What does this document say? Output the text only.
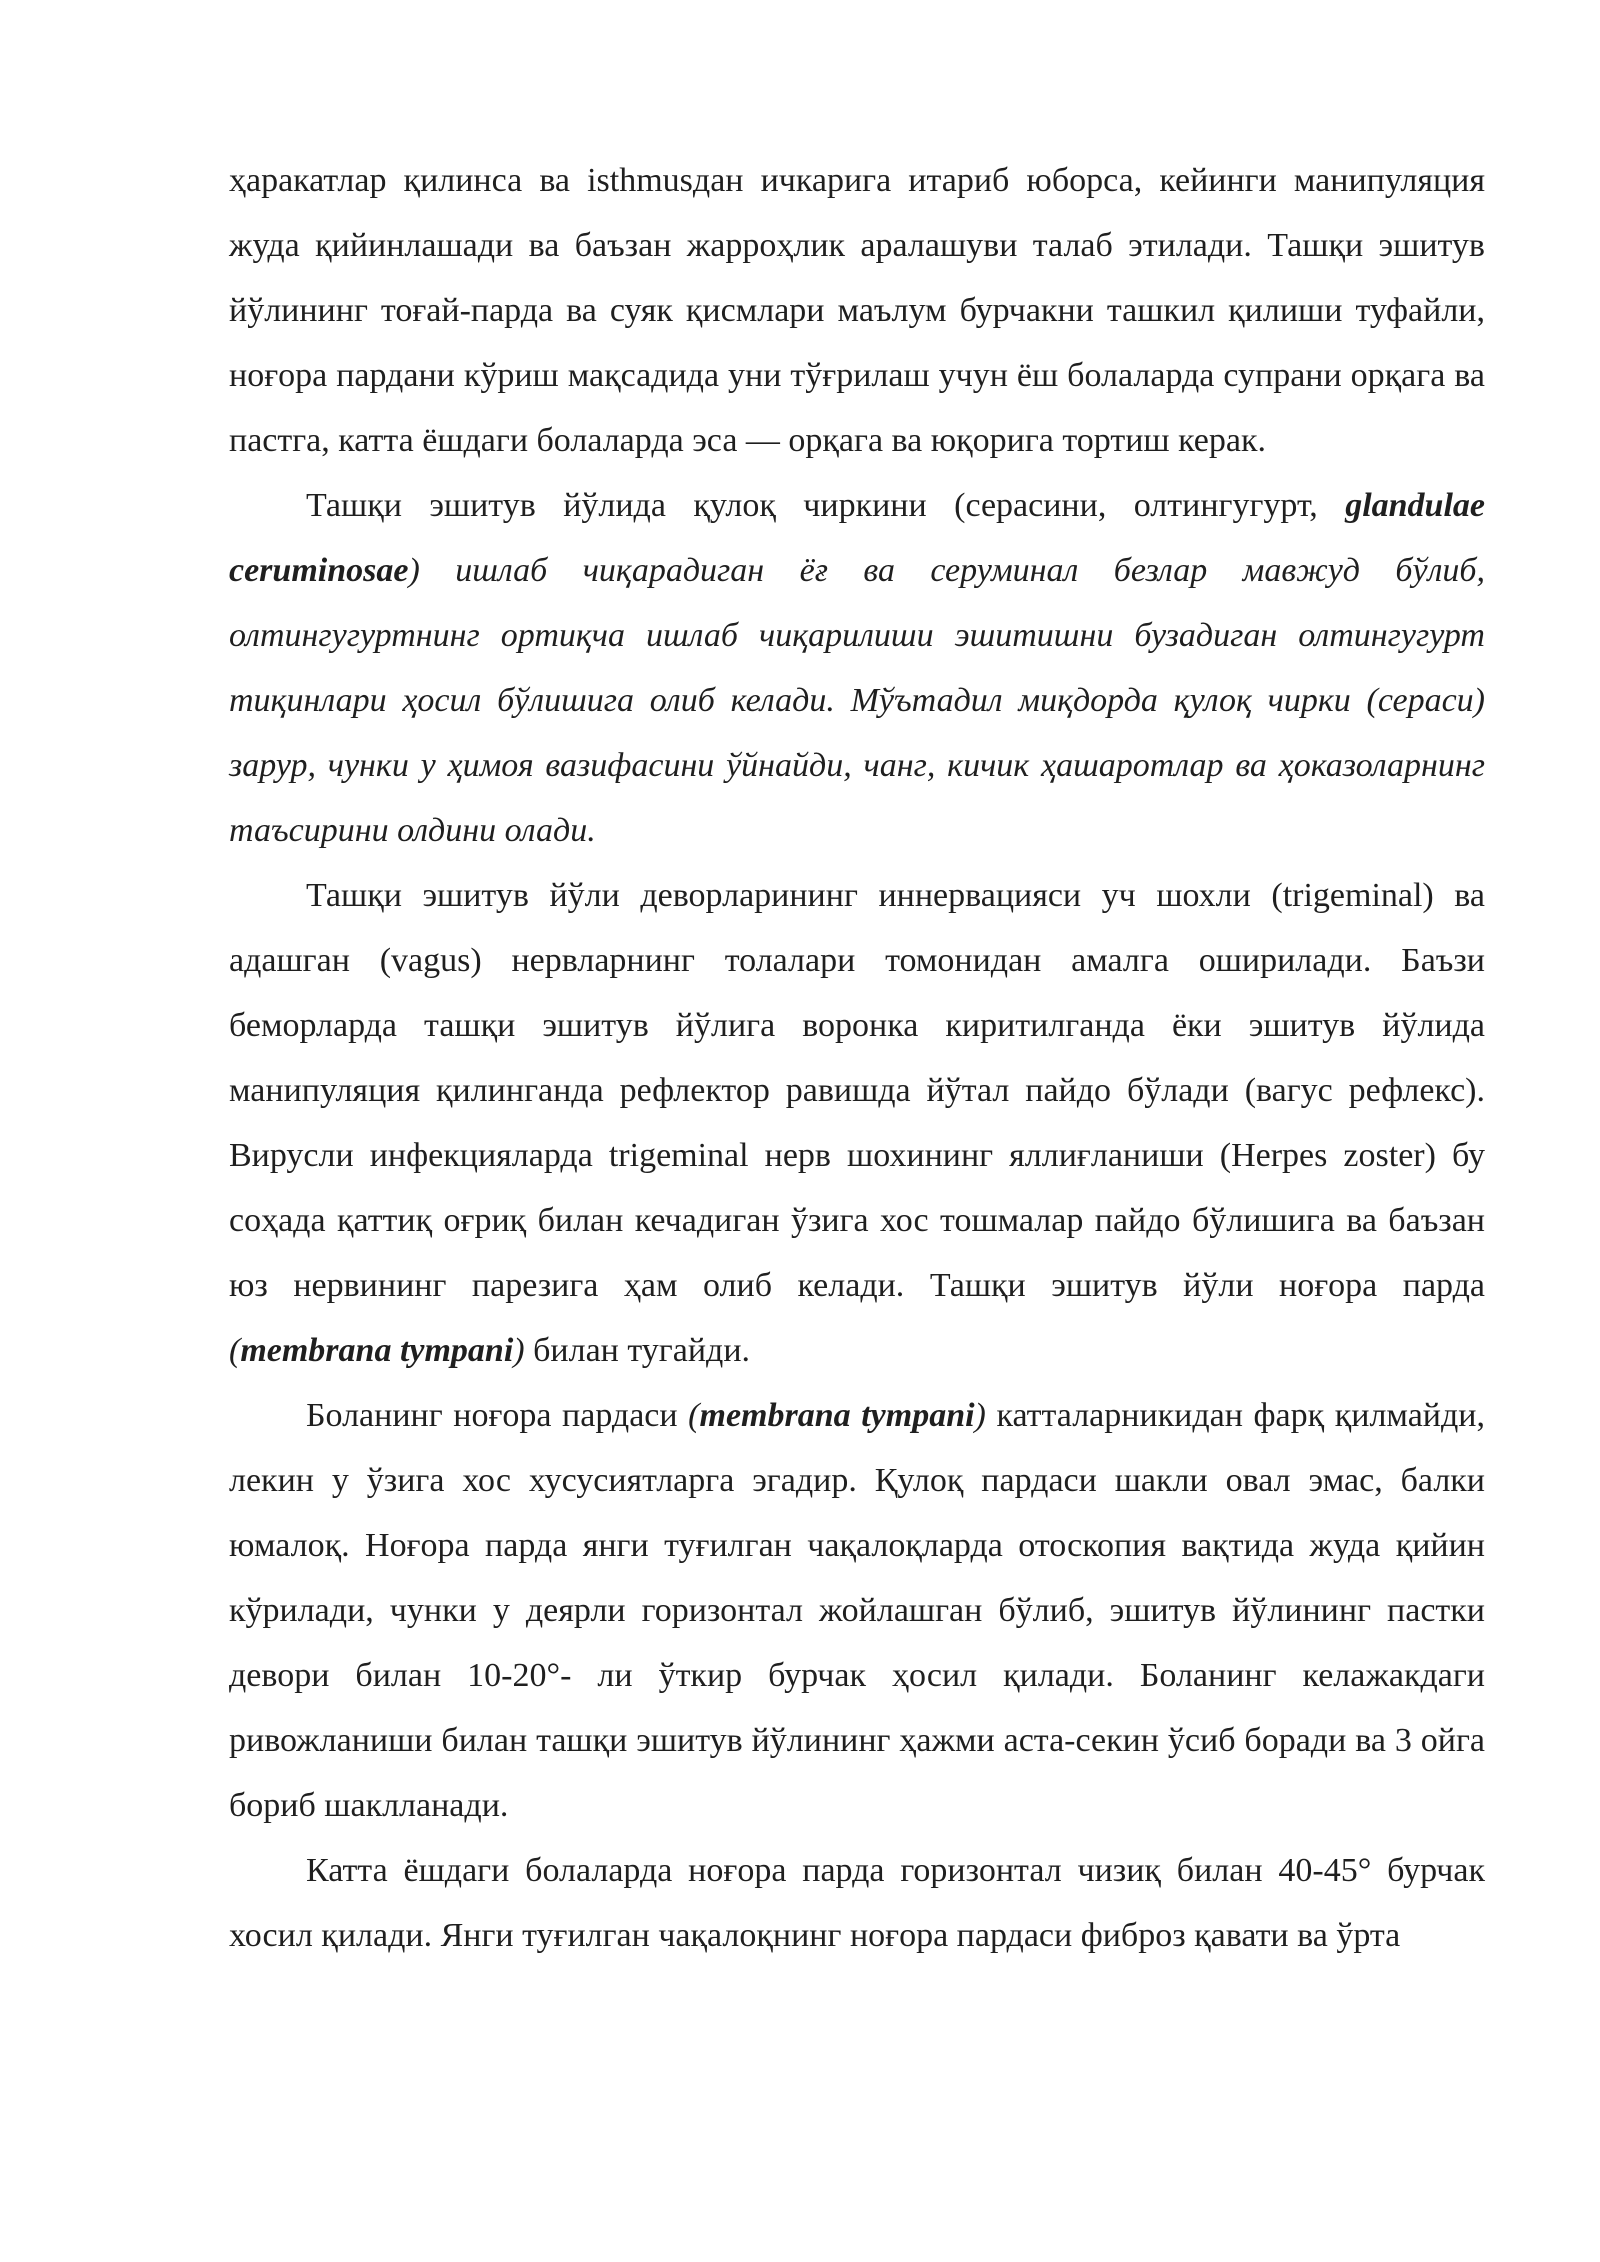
ҳаракатлар қилинса ва isthmusдан ичкарига итариб юборса, кейинги манипуляция жуда қийинлашади ва баъзан жарроҳлик аралашуви талаб этилади. Ташқи эшитув йўлининг тоғай-парда ва суяк қисмлари маълум бурчакни ташкил қилиши туфайли, ноғора пардани кўриш мақсадида уни тўғрилаш учун ёш болаларда супрани орқага ва пастга, катта ёшдаги болаларда эса — орқага ва юқорига тортиш керак.

Ташқи эшитув йўлида қулоқ чиркини (серасини, олтингугурт, glandulae ceruminosae) ишлаб чиқарадиган ёғ ва серуминал безлар мавжуд бўлиб, олтингугуртнинг ортиқча ишлаб чиқарилиши эшитишни бузадиган олтингугурт тиқинлари ҳосил бўлишига олиб келади. Мўътадил миқдорда қулоқ чирки (сераси) зарур, чунки у ҳимоя вазифасини ўйнайди, чанг, кичик ҳашаротлар ва ҳоказоларнинг таъсирини олдини олади.

Ташқи эшитув йўли деворларининг иннервацияси уч шохли (trigeminal) ва адашган (vagus) нервларнинг толалари томонидан амалга оширилади. Баъзи беморларда ташқи эшитув йўлига воронка киритилганда ёки эшитув йўлида манипуляция қилинганда рефлектор равишда йўтал пайдо бўлади (вагус рефлекс). Вирусли инфекцияларда trigeminal нерв шохининг яллиғланиши (Herpes zoster) бу соҳада қаттиқ оғриқ билан кечадиган ўзига хос тошмалар пайдо бўлишига ва баъзан юз нервининг парезига ҳам олиб келади. Ташқи эшитув йўли ноғора парда (membrana tympani) билан тугайди.

Боланинг ноғора пардаси (membrana tympani) катталарникидан фарқ қилмайди, лекин у ўзига хос хусусиятларга эгадир. Қулоқ пардаси шакли овал эмас, балки юмалоқ. Ноғора парда янги туғилган чақалоқларда отоскопия вақтида жуда қийин кўрилади, чунки у деярли горизонтал жойлашган бўлиб, эшитув йўлининг пастки девори билан 10-20°- ли ўткир бурчак ҳосил қилади. Боланинг келажакдаги ривожланиши билан ташқи эшитув йўлининг ҳажми аста-секин ўсиб боради ва 3 ойга бориб шаклланади.

Катта ёшдаги болаларда ноғора парда горизонтал чизиқ билан 40-45° бурчак хосил қилади. Янги туғилган чақалоқнинг ноғора пардаси фиброз қавати ва ўрта
